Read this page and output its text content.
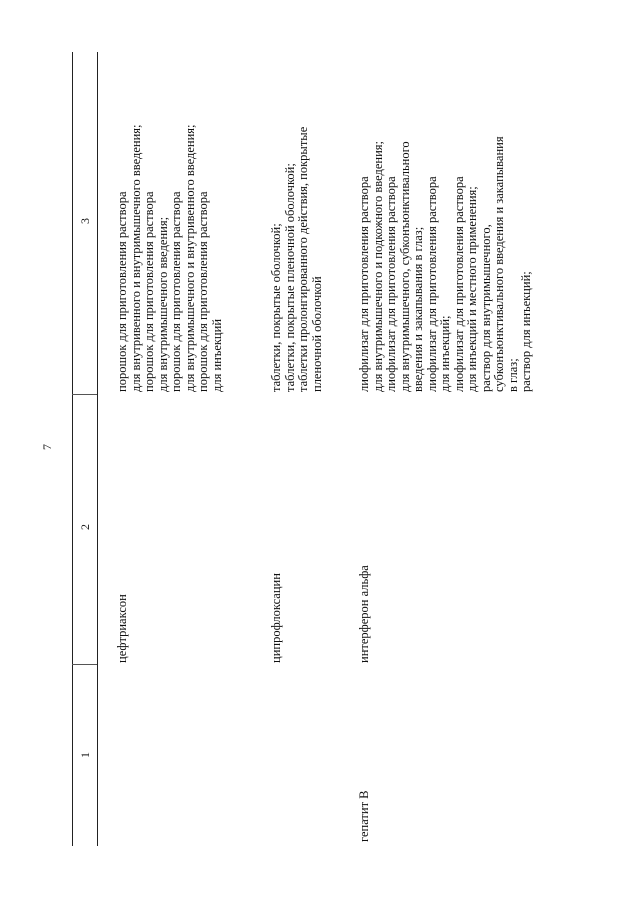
7
1
2
3
цефтриаксон
порошок для приготовления раствора
для внутривенного и внутримышечного введения;
порошок для приготовления раствора
для внутримышечного введения;
порошок для приготовления раствора
для внутримышечного и внутривенного введения;
порошок для приготовления раствора
для инъекций
ципрофлоксацин
таблетки, покрытые оболочкой;
таблетки, покрытые пленочной оболочкой;
таблетки пролонгированного действия, покрытые
пленочной оболочкой
гепатит B
интерферон альфа
лиофилизат для приготовления раствора
для внутримышечного и подкожного введения;
лиофилизат для приготовления раствора
для внутримышечного, субконъюнктивального
введения и закапывания в глаз;
лиофилизат для приготовления раствора
для инъекций;
лиофилизат для приготовления раствора
для инъекций и местного применения;
раствор для внутримышечного,
субконъюнктивального введения и закапывания
в глаз;
раствор для инъекций;
